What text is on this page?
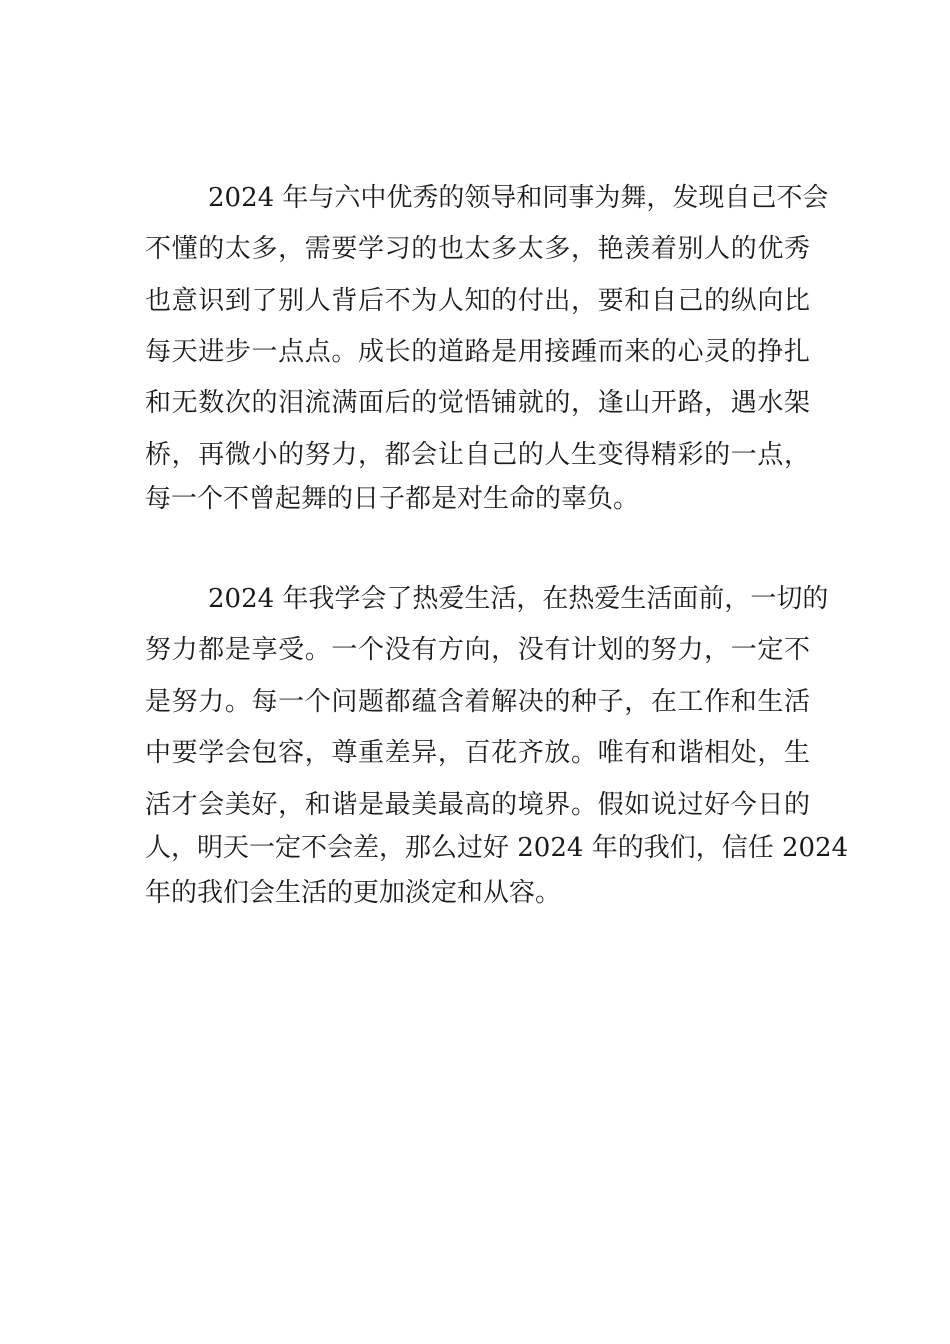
2024 年与六中优秀的领导和同事为舞，发现自己不会
不懂的太多，需要学习的也太多太多，艳羡着别人的优秀
也意识到了别人背后不为人知的付出，要和自己的纵向比
每天进步一点点。成长的道路是用接踵而来的心灵的挣扎
和无数次的泪流满面后的觉悟铺就的，逢山开路，遇水架
桥，再微小的努力，都会让自己的人生变得精彩的一点，
每一个不曾起舞的日子都是对生命的辜负。
2024 年我学会了热爱生活，在热爱生活面前，一切的
努力都是享受。一个没有方向，没有计划的努力，一定不
是努力。每一个问题都蕴含着解决的种子，在工作和生活
中要学会包容，尊重差异，百花齐放。唯有和谐相处，生
活才会美好，和谐是最美最高的境界。假如说过好今日的
人，明天一定不会差，那么过好 2024 年的我们，信任 2024
年的我们会生活的更加淡定和从容。
